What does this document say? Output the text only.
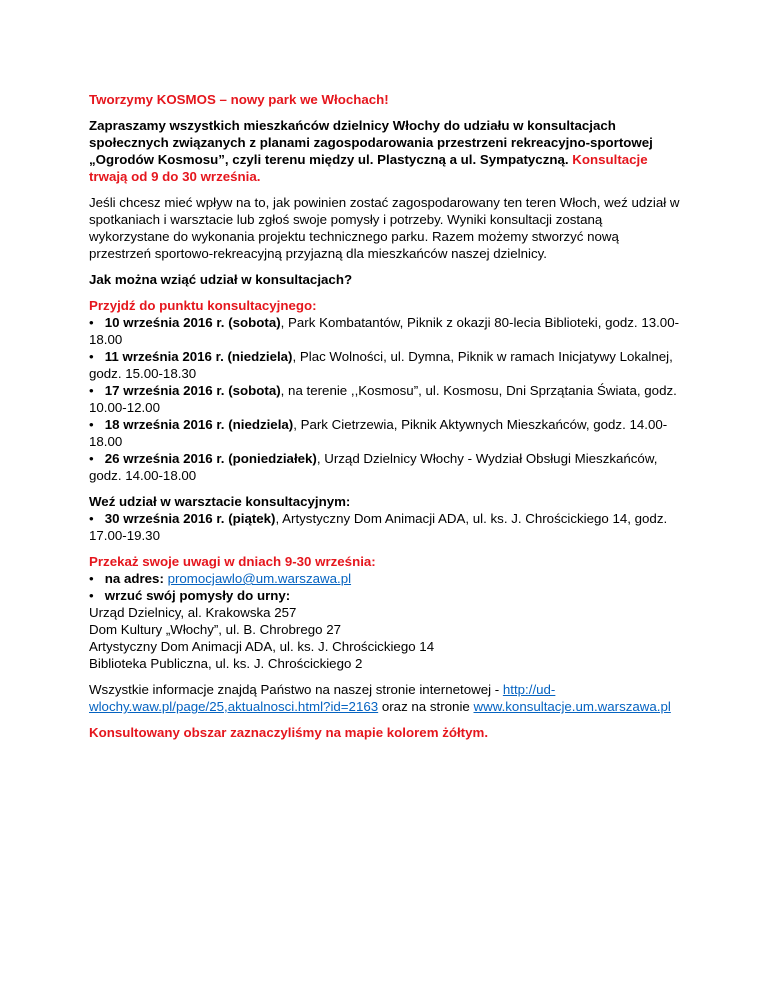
Tworzymy KOSMOS – nowy park we Włochach!

Zapraszamy wszystkich mieszkańców dzielnicy Włochy do udziału w konsultacjach społecznych związanych z planami zagospodarowania przestrzeni rekreacyjno-sportowej „Ogrodów Kosmosu”, czyli terenu między ul. Plastyczną a ul. Sympatyczną. Konsultacje trwają od 9 do 30 września.

Jeśli chcesz mieć wpływ na to, jak powinien zostać zagospodarowany ten teren Włoch, weź udział w spotkaniach i warsztacie lub zgłoś swoje pomysły i potrzeby. Wyniki konsultacji zostaną wykorzystane do wykonania projektu technicznego parku. Razem możemy stworzyć nową przestrzeń sportowo-rekreacyjną przyjazną dla mieszkańców naszej dzielnicy.

Jak można wziąć udział w konsultacjach?

Przyjdź do punktu konsultacyjnego:
• 10 września 2016 r. (sobota), Park Kombatantów, Piknik z okazji 80-lecia Biblioteki, godz. 13.00-18.00
• 11 września 2016 r. (niedziela), Plac Wolności, ul. Dymna, Piknik w ramach Inicjatywy Lokalnej, godz. 15.00-18.30
• 17 września 2016 r. (sobota), na terenie ,,Kosmosu”, ul. Kosmosu, Dni Sprzątania Świata, godz. 10.00-12.00
• 18 września 2016 r. (niedziela), Park Cietrzewia, Piknik Aktywnych Mieszkańców, godz. 14.00-18.00
• 26 września 2016 r. (poniedziałek), Urząd Dzielnicy Włochy - Wydział Obsługi Mieszkańców, godz. 14.00-18.00

Weź udział w warsztacie konsultacyjnym:
• 30 września 2016 r. (piątek), Artystyczny Dom Animacji ADA, ul. ks. J. Chrościckiego 14, godz. 17.00-19.30

Przekaż swoje uwagi w dniach 9-30 września:
• na adres: promocjawlo@um.warszawa.pl
• wrzuć swój pomysły do urny:
Urząd Dzielnicy, al. Krakowska 257
Dom Kultury „Włochy”, ul. B. Chrobrego 27
Artystyczny Dom Animacji ADA, ul. ks. J. Chrościckiego 14
Biblioteka Publiczna, ul. ks. J. Chrościckiego 2

Wszystkie informacje znajdą Państwo na naszej stronie internetowej - http://ud-wlochy.waw.pl/page/25,aktualnosci.html?id=2163 oraz na stronie www.konsultacje.um.warszawa.pl

Konsultowany obszar zaznaczyliśmy na mapie kolorem żółtym.
